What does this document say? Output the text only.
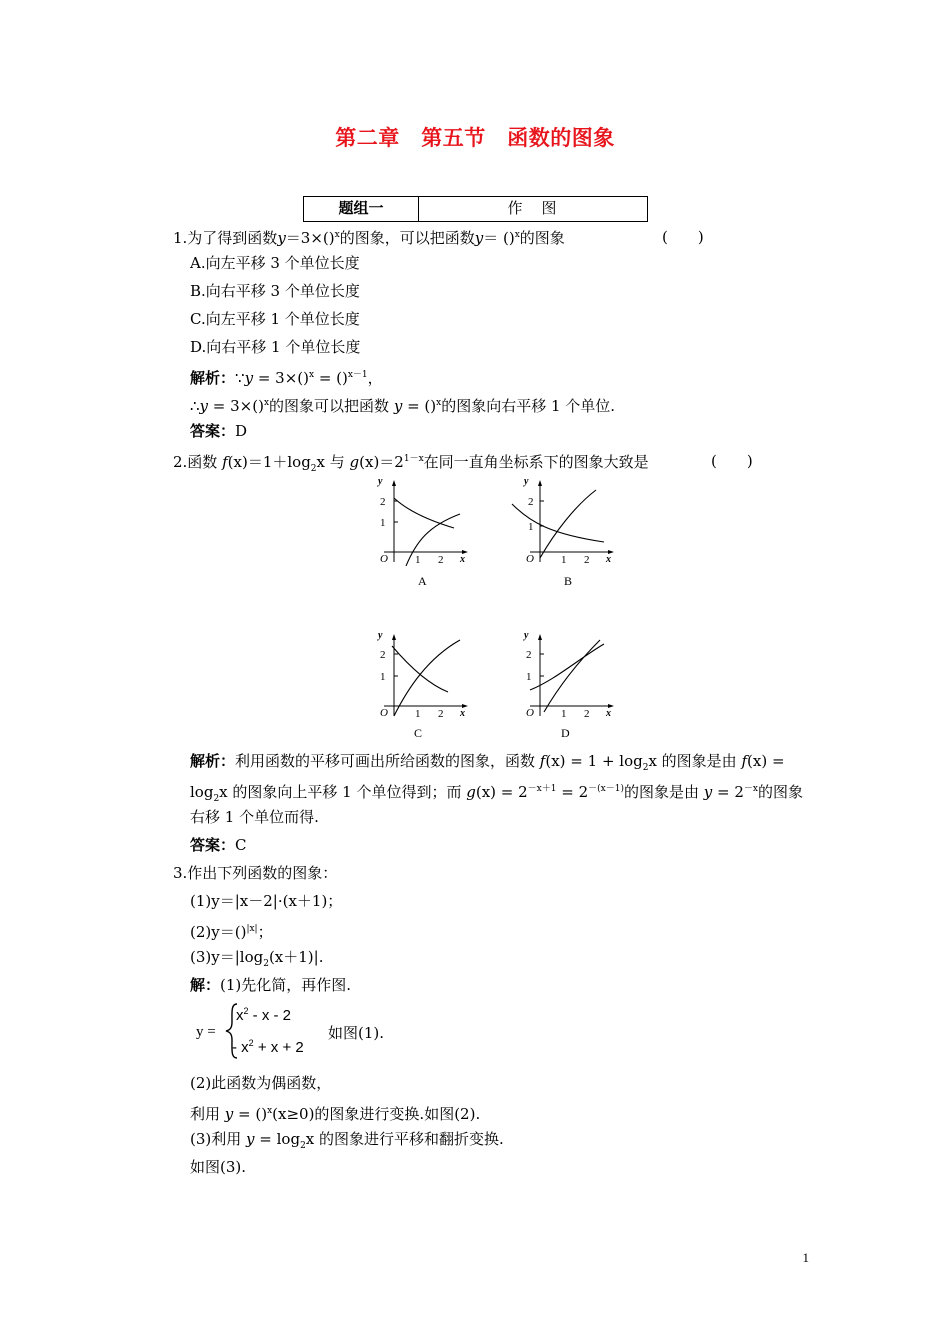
第二章　第五节　函数的图象
题组一	作　图
1.为了得到函数y＝3×()$^x$的图象，可以把函数y＝ ()$^x$的图象	(　　)
A.向左平移 3 个单位长度
B.向右平移 3 个单位长度
C.向左平移 1 个单位长度
D.向右平移 1 个单位长度
解析：∵y = 3×()$^x$ = ()$^{x-1}$，
∴y = 3×()$^x$的图象可以把函数 y = ()$^x$的图象向右平移 1 个单位.
答案：D
2.函数 $f(x)=1+\log_2x$ 与 $g(x)=2^{1-x}$在同一直角坐标系下的图象大致是	(　　)
y
2
1
O 1 2 x
A
y
2
1
O 1 2 x
B
y
2
1
O 1 2 x
C
y
2
1
O 1 2 x
D
解析：利用函数的平移可画出所给函数的图象，函数 $f(x) = 1 + \log_2x$ 的图象是由 f(x) =
$\log_2x$ 的图象向上平移 1 个单位得到；而 $g(x) = 2^{-x+1} = 2^{-(x-1)}$的图象是由 $y = 2^{-x}$的图象
右移 1 个单位而得.
答案：C
3.作出下列函数的图象：
(1)y＝|x－2|·(x＋1)；
(2)y＝()$^{|x|}$；
$(3)y=|\log_2(x+1)|$.
解：(1)先化简，再作图.
y =
$x^2$ - x - 2
- $x^2 + x + 2$
如图(1).
(2)此函数为偶函数，
利用 y = ()$^x$(x≥0)的图象进行变换.如图(2).
(3)利用 $y = \log_2x$ 的图象进行平移和翻折变换.
如图(3).
1
